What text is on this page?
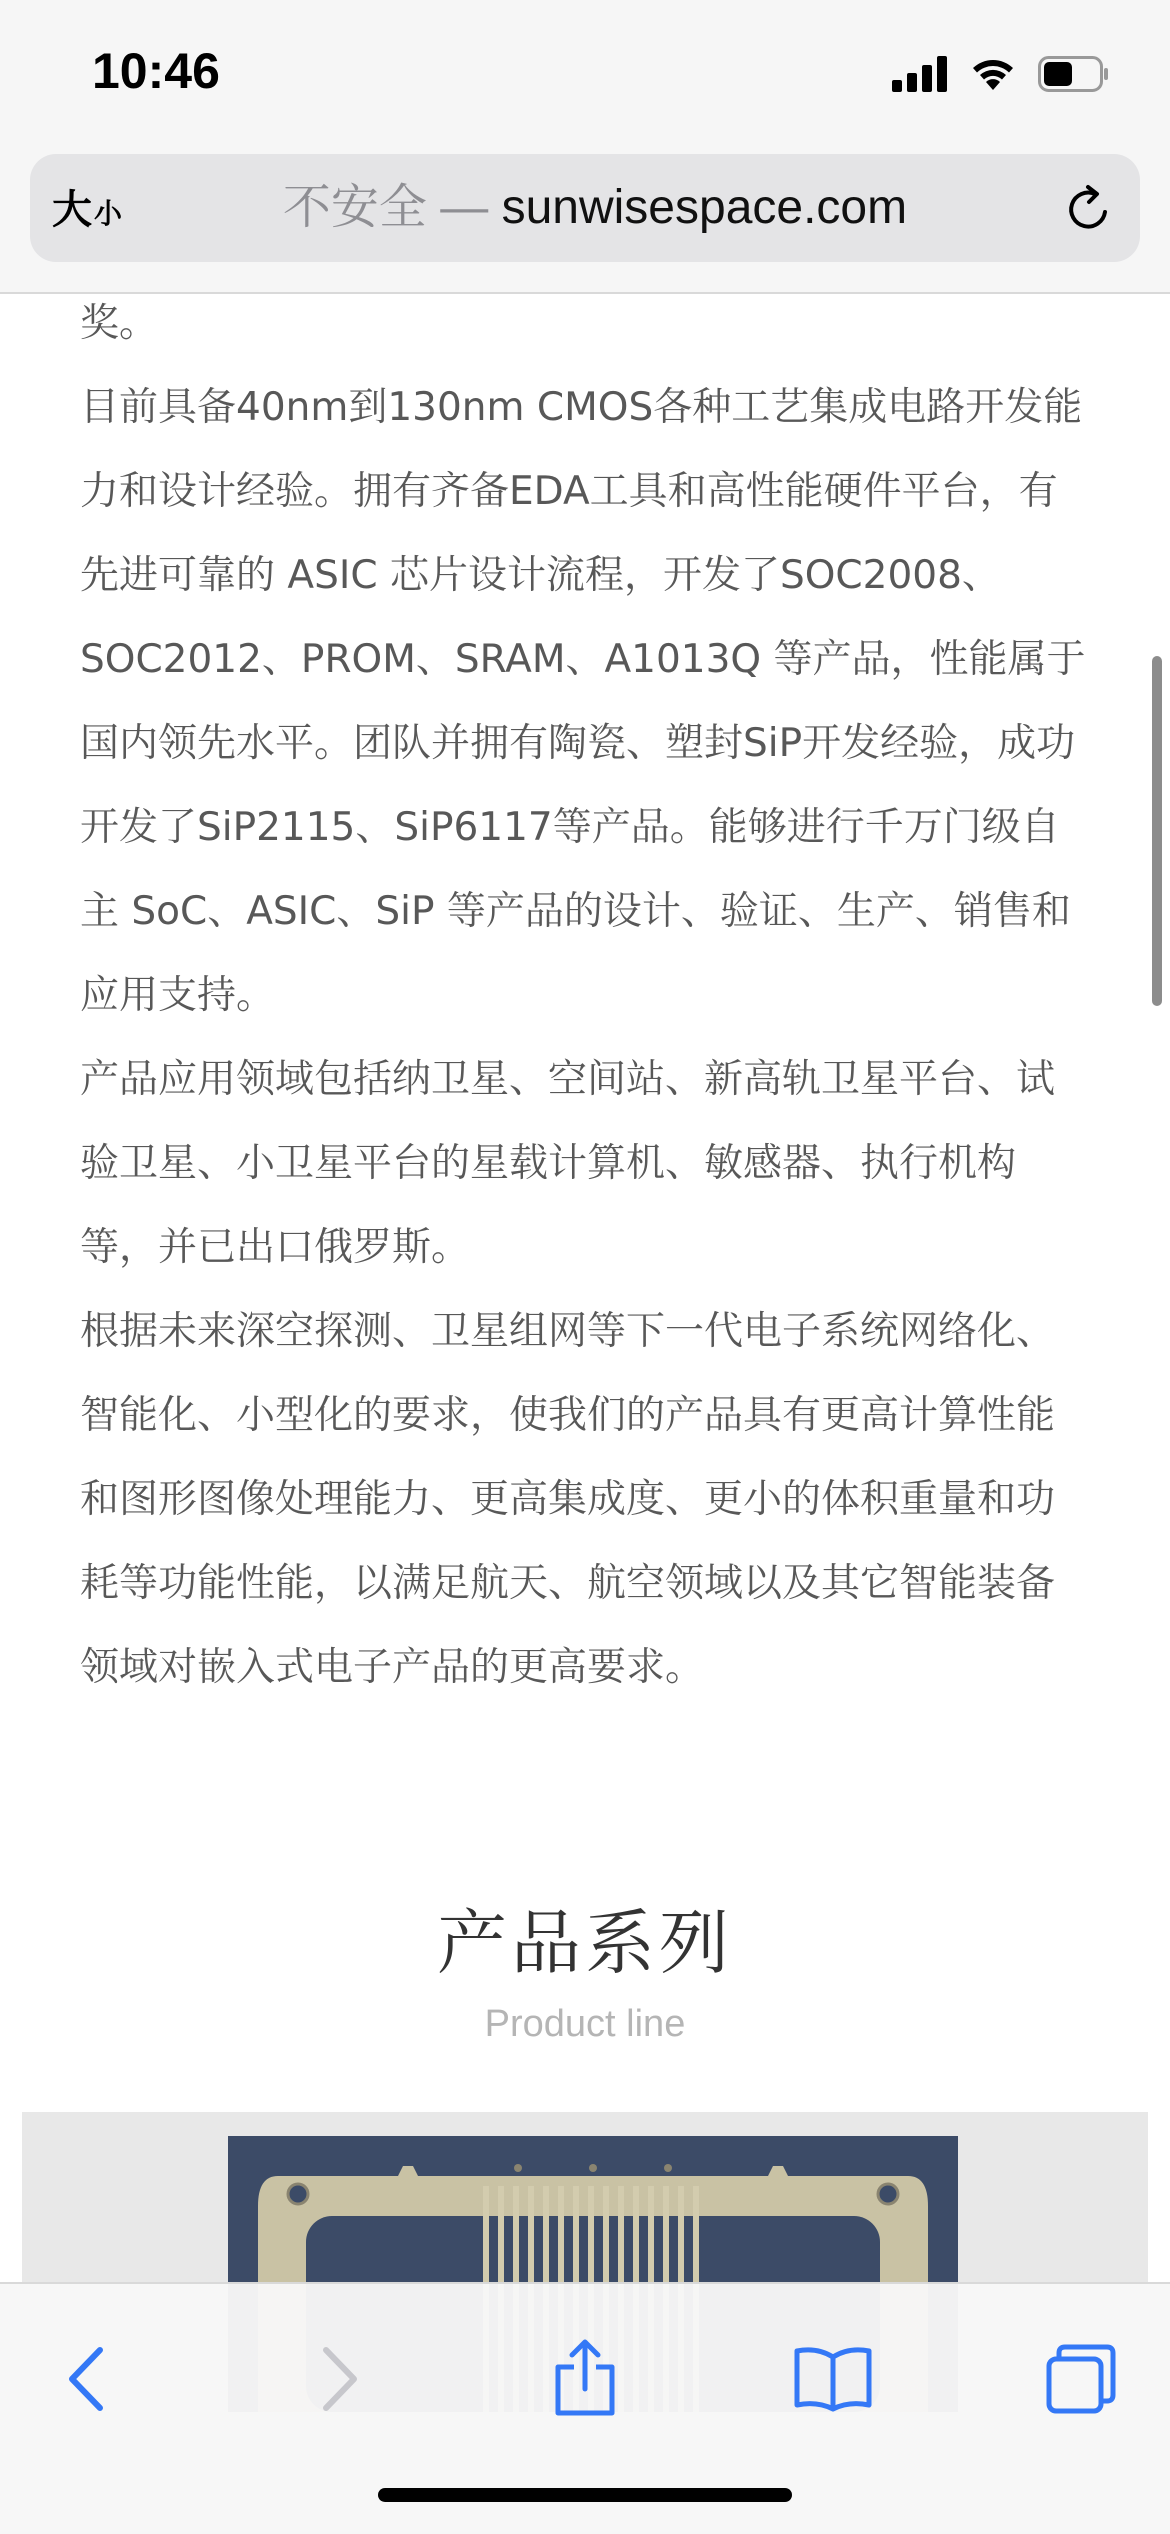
10:46
大 小	不安全 — sunwisespace.com

奖。

目前具备40nm到130nm CMOS各种工艺集成电路开发能力和设计经验。拥有齐备EDA工具和高性能硬件平台，有先进可靠的 ASIC 芯片设计流程，开发了SOC2008、SOC2012、PROM、SRAM、A1013Q 等产品，性能属于国内领先水平。团队并拥有陶瓷、塑封SiP开发经验，成功开发了SiP2115、SiP6117等产品。能够进行千万门级自主 SoC、ASIC、SiP 等产品的设计、验证、生产、销售和应用支持。

产品应用领域包括纳卫星、空间站、新高轨卫星平台、试验卫星、小卫星平台的星载计算机、敏感器、执行机构等，并已出口俄罗斯。

根据未来深空探测、卫星组网等下一代电子系统网络化、智能化、小型化的要求，使我们的产品具有更高计算性能和图形图像处理能力、更高集成度、更小的体积重量和功耗等功能性能，以满足航天、航空领域以及其它智能装备领域对嵌入式电子产品的更高要求。

产品系列
Product line
